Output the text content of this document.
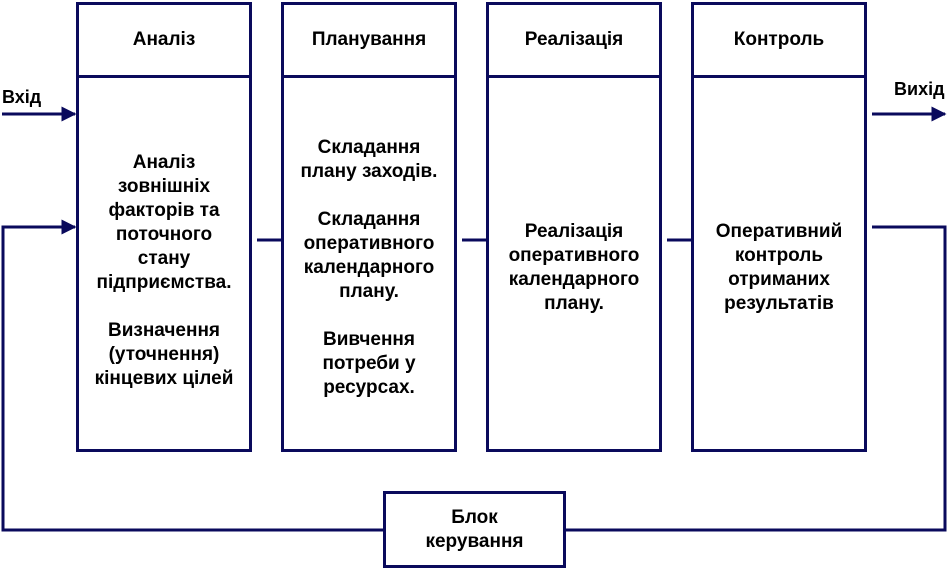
Вхід	Вихід
Аналіз
Аналіз
зовнішніх
факторів та
поточного
стану
підприємства.
Визначення
(уточнення)
кінцевих цілей
Планування
Складання
плану заходів.
Складання
оперативного
календарного
плану.
Вивчення
потреби у
ресурсах.
Реалізація
Реалізація
оперативного
календарного
плану.
Контроль
Оперативний
контроль
отриманих
результатів
Блок
керування
